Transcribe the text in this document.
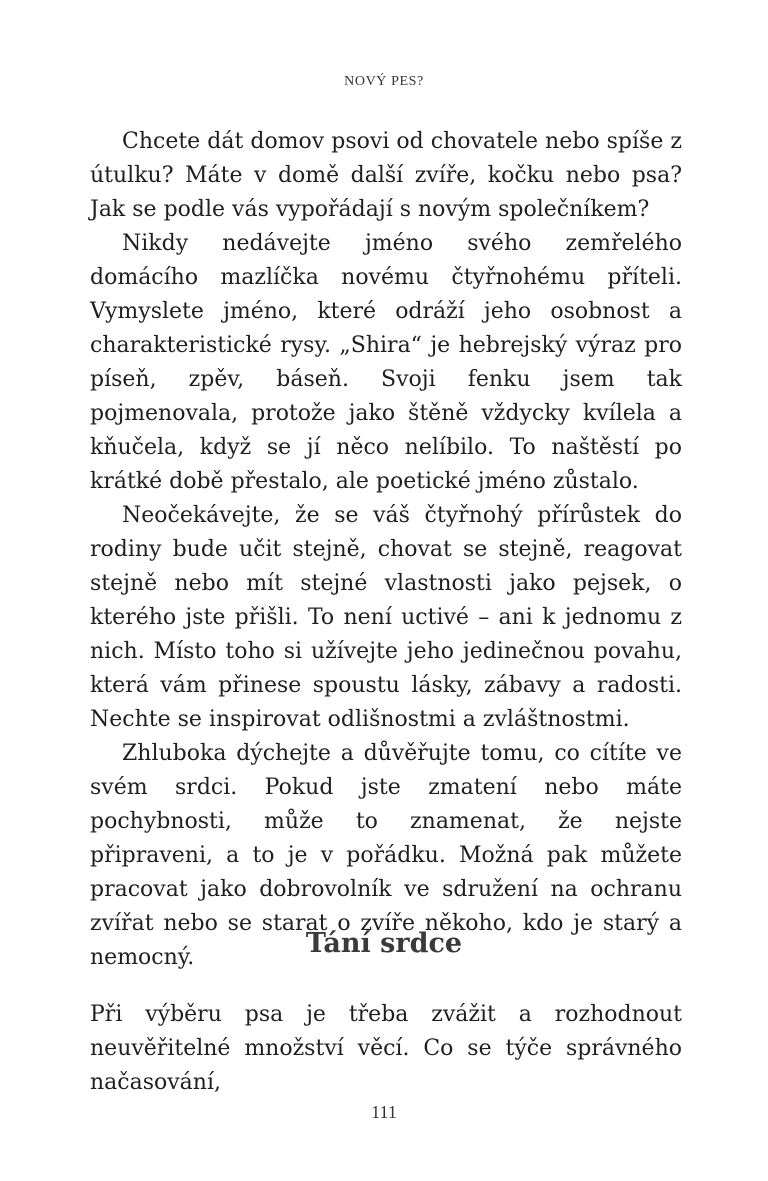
NOVÝ PES?

Chcete dát domov psovi od chovatele nebo spíše z útulku? Máte v domě další zvíře, kočku nebo psa? Jak se podle vás vypořádají s novým společníkem?

Nikdy nedávejte jméno svého zemřelého domácího mazlíčka novému čtyřnohému příteli. Vymyslete jméno, které odráží jeho osobnost a charakteristické rysy. „Shira“ je hebrejský výraz pro píseň, zpěv, báseň. Svoji fenku jsem tak pojmenovala, protože jako štěně vždycky kvílela a kňučela, když se jí něco nelíbilo. To naštěstí po krátké době přestalo, ale poetické jméno zůstalo.

Neočekávejte, že se váš čtyřnohý přírůstek do rodiny bude učit stejně, chovat se stejně, reagovat stejně nebo mít stejné vlastnosti jako pejsek, o kterého jste přišli. To není uctivé – ani k jednomu z nich. Místo toho si užívejte jeho jedinečnou povahu, která vám přinese spoustu lásky, zábavy a radosti. Nechte se inspirovat odlišnostmi a zvláštnostmi.

Zhluboka dýchejte a důvěřujte tomu, co cítíte ve svém srdci. Pokud jste zmatení nebo máte pochybnosti, může to znamenat, že nejste připraveni, a to je v pořádku. Možná pak můžete pracovat jako dobrovolník ve sdružení na ochranu zvířat nebo se starat o zvíře někoho, kdo je starý a nemocný.	Tání srdce

Při výběru psa je třeba zvážit a rozhodnout neuvěřitelné množství věcí. Co se týče správného načasování,

111
